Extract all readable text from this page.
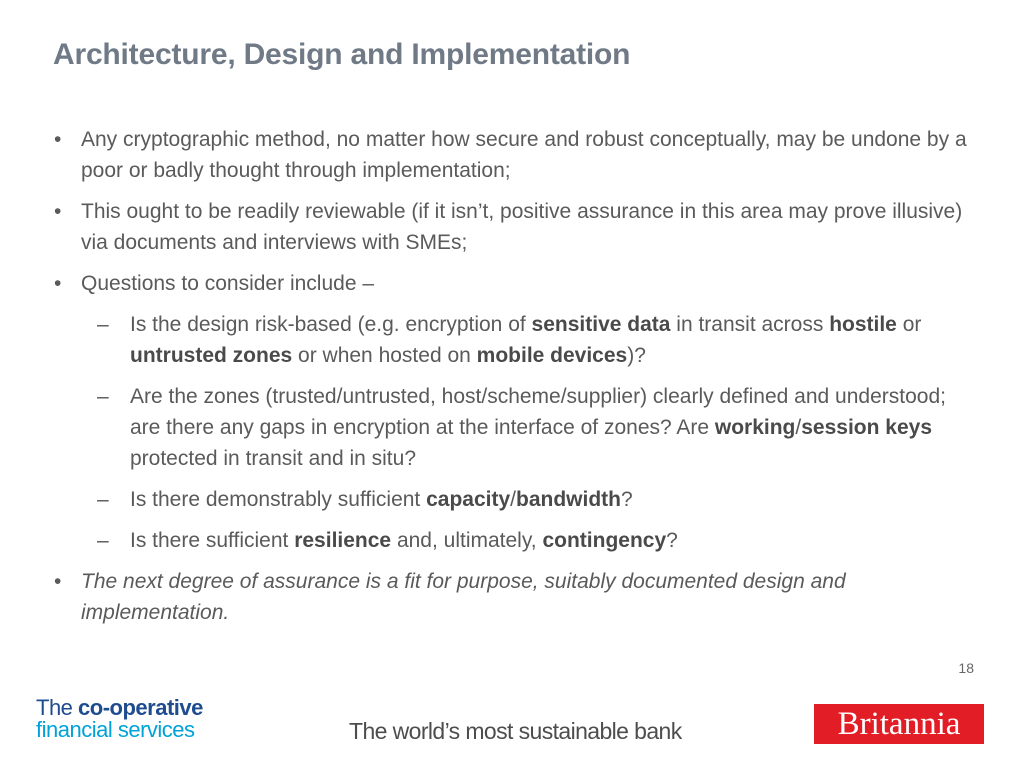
Architecture, Design and Implementation
• Any cryptographic method, no matter how secure and robust conceptually, may be undone by a poor or badly thought through implementation;
• This ought to be readily reviewable (if it isn’t, positive assurance in this area may prove illusive) via documents and interviews with SMEs;
• Questions to consider include –
– Is the design risk-based (e.g. encryption of sensitive data in transit across hostile or untrusted zones or when hosted on mobile devices)?
– Are the zones (trusted/untrusted, host/scheme/supplier) clearly defined and understood; are there any gaps in encryption at the interface of zones? Are working/session keys protected in transit and in situ?
– Is there demonstrably sufficient capacity/bandwidth?
– Is there sufficient resilience and, ultimately, contingency?
• The next degree of assurance is a fit for purpose, suitably documented design and implementation.
18
The co-operative
financial services	The world’s most sustainable bank	Britannia
